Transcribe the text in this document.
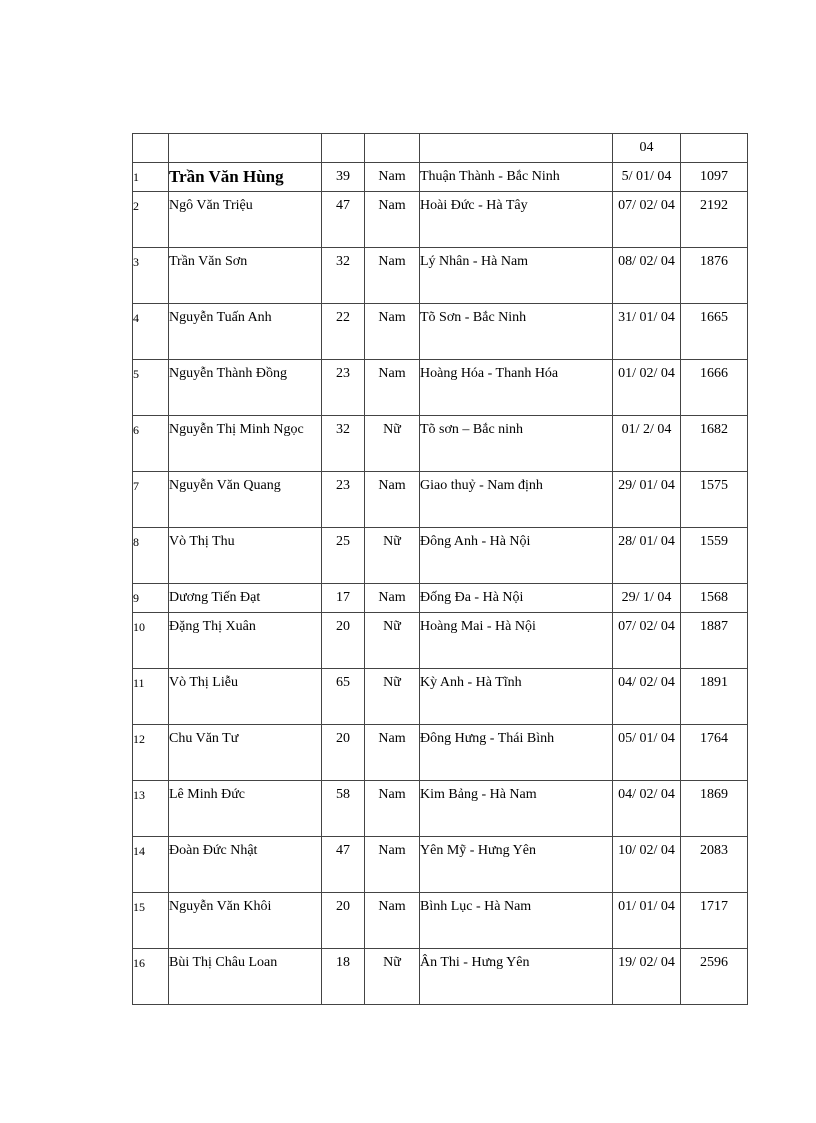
					04	
1	Trần Văn Hùng	39	Nam	Thuận Thành - Bắc Ninh	5/ 01/ 04	1097
2	Ngô Văn Triệu	47	Nam	Hoài Đức - Hà Tây	07/ 02/ 04	2192
3	Trần Văn Sơn	32	Nam	Lý Nhân - Hà Nam	08/ 02/ 04	1876
4	Nguyễn Tuấn Anh	22	Nam	Tõ Sơn - Bắc Ninh	31/ 01/ 04	1665
5	Nguyễn Thành Đồng	23	Nam	Hoàng Hóa - Thanh Hóa	01/ 02/ 04	1666
6	Nguyễn Thị Minh Ngọc	32	Nữ	Tõ sơn – Bắc ninh	01/ 2/ 04	1682
7	Nguyễn Văn Quang	23	Nam	Giao thuỷ - Nam định	29/ 01/ 04	1575
8	Vò Thị Thu	25	Nữ	Đông Anh - Hà Nội	28/ 01/ 04	1559
9	Dương Tiến Đạt	17	Nam	Đống Đa - Hà Nội	29/ 1/ 04	1568
10	Đặng Thị Xuân	20	Nữ	Hoàng Mai - Hà Nội	07/ 02/ 04	1887
11	Vò Thị Liễu	65	Nữ	Kỳ Anh - Hà Tĩnh	04/ 02/ 04	1891
12	Chu Văn Tư	20	Nam	Đông Hưng - Thái Bình	05/ 01/ 04	1764
13	Lê Minh Đức	58	Nam	Kim Bảng - Hà Nam	04/ 02/ 04	1869
14	Đoàn Đức Nhật	47	Nam	Yên Mỹ - Hưng Yên	10/ 02/ 04	2083
15	Nguyễn Văn Khôi	20	Nam	Bình Lục - Hà Nam	01/ 01/ 04	1717
16	Bùi Thị Châu Loan	18	Nữ	Ân Thi - Hưng Yên	19/ 02/ 04	2596
